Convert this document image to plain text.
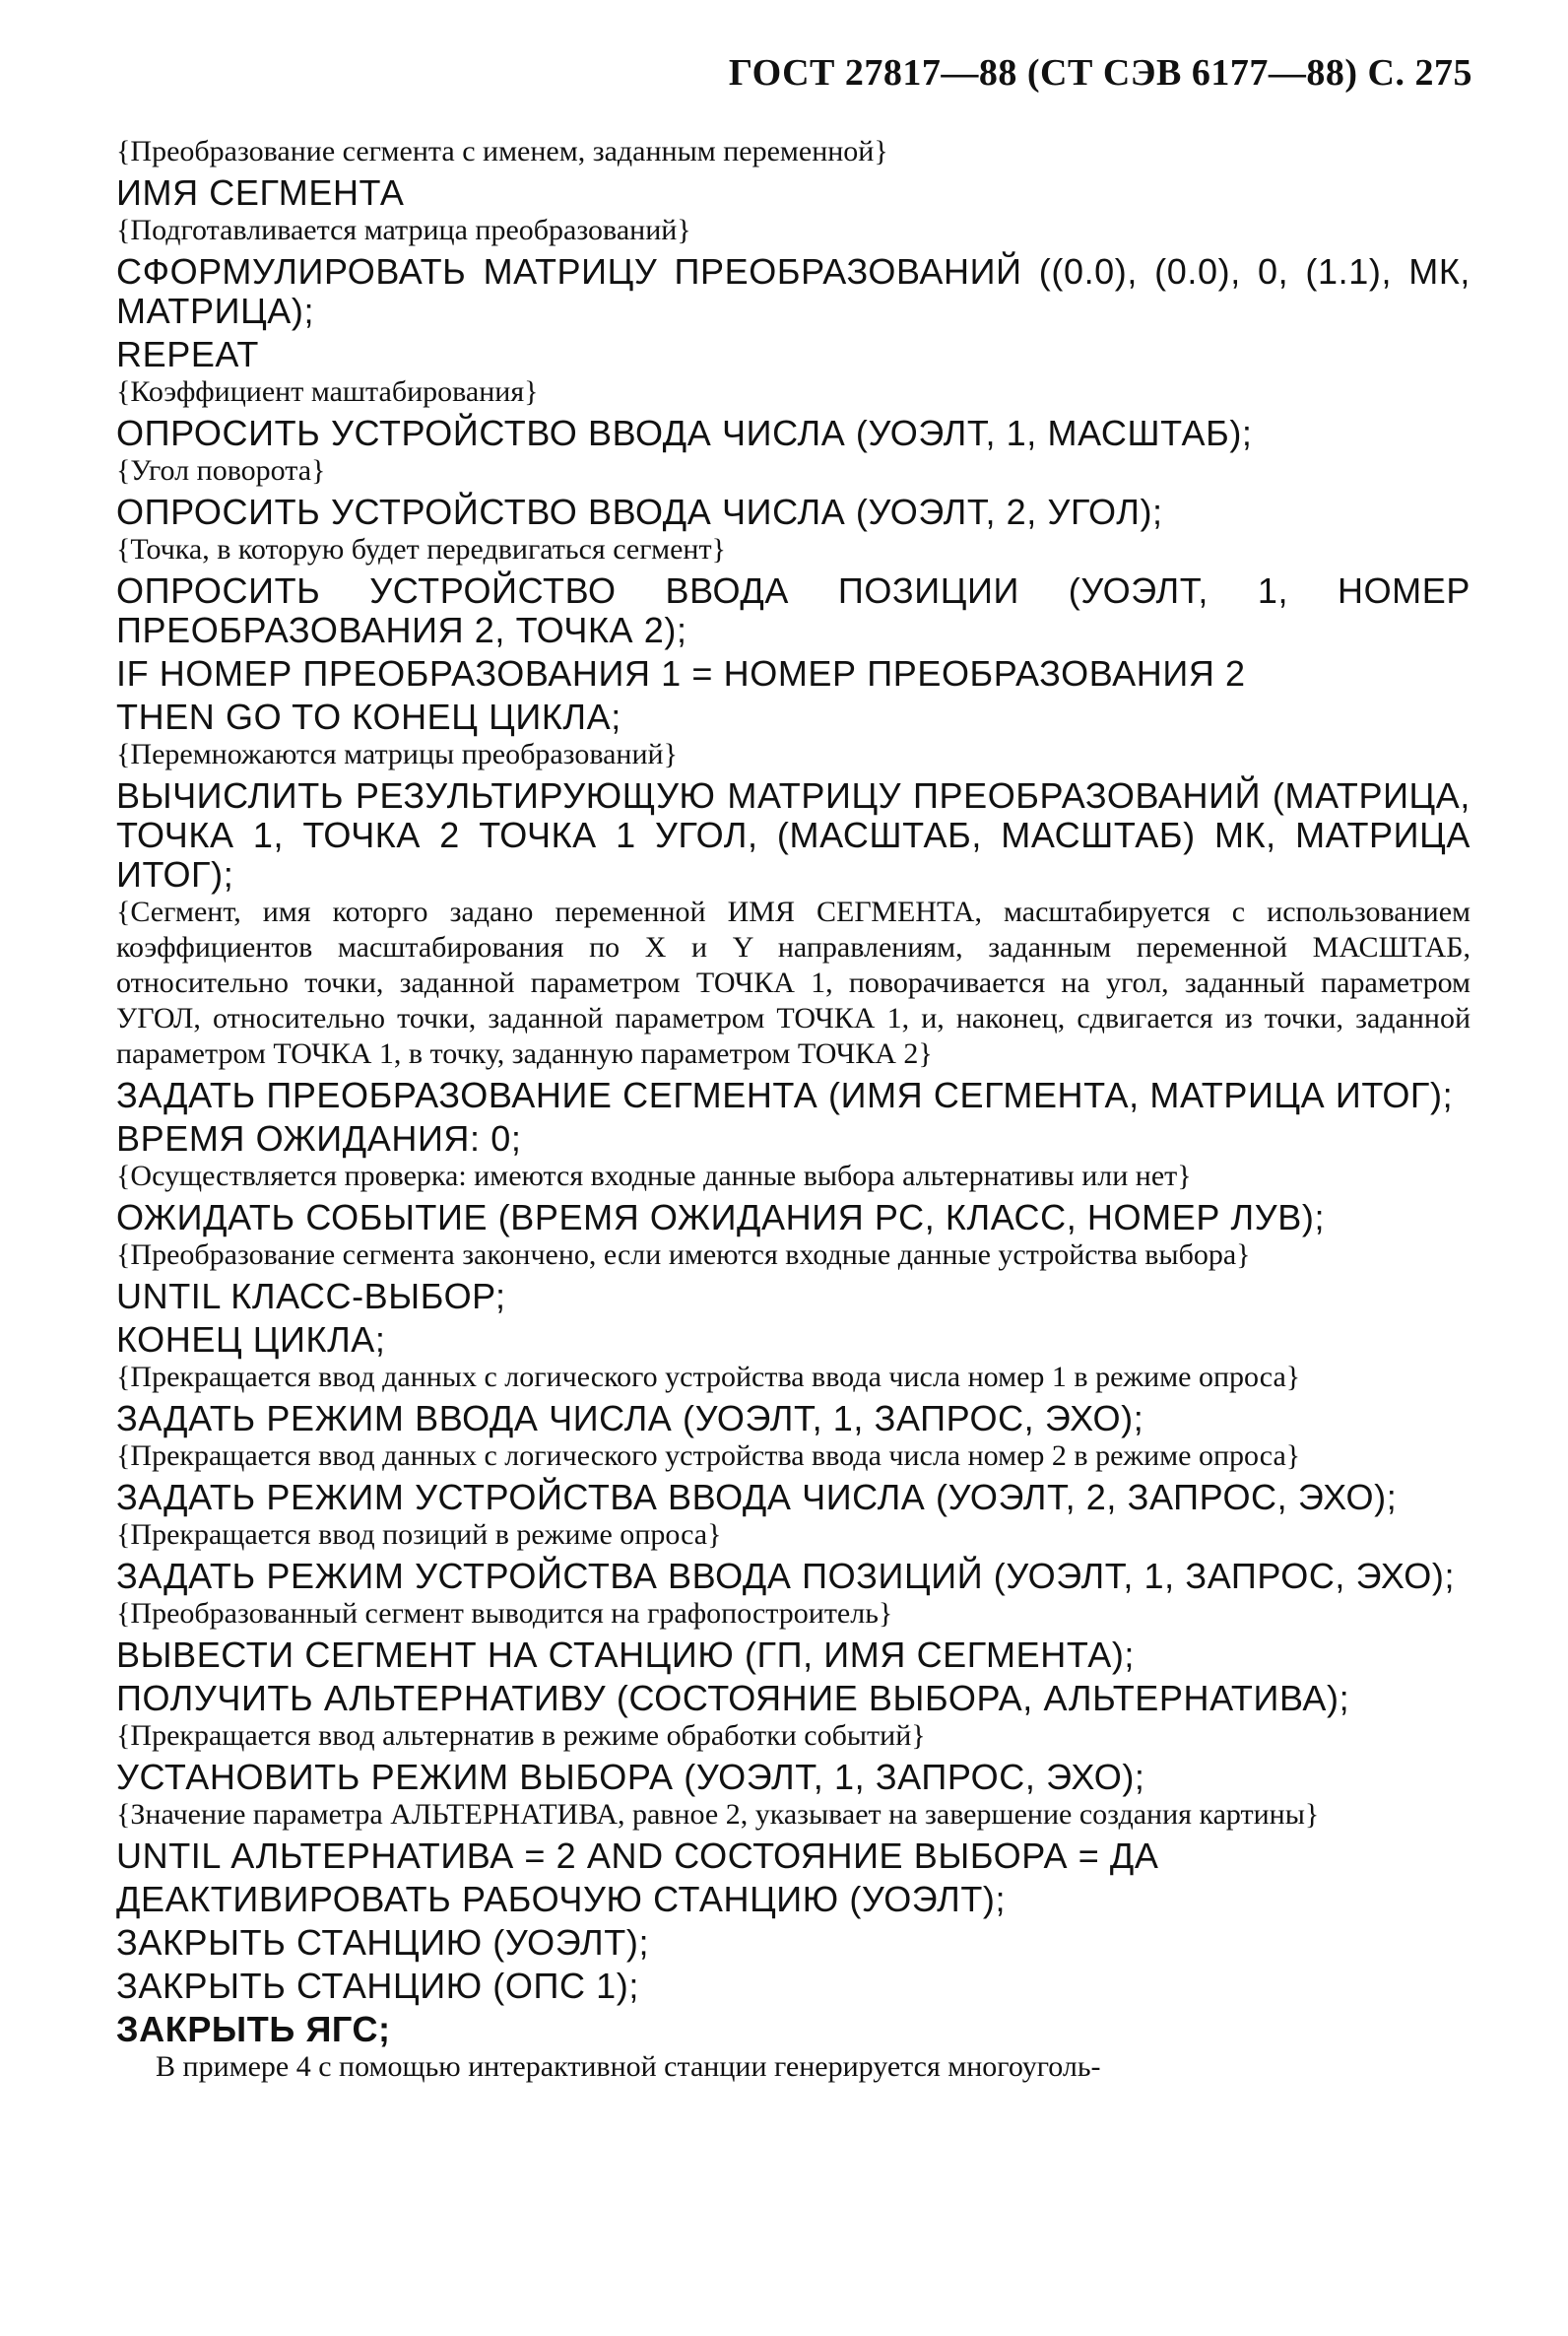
ГОСТ 27817—88 (СТ СЭВ 6177—88) С. 275
{Преобразование сегмента с именем, заданным переменной}
ИМЯ СЕГМЕНТА
{Подготавливается матрица преобразований}
СФОРМУЛИРОВАТЬ МАТРИЦУ ПРЕОБРАЗОВАНИЙ ((0.0), (0.0), 0, (1.1), МК, МАТРИЦА);
REPEAT
{Коэффициент маштабирования}
ОПРОСИТЬ УСТРОЙСТВО ВВОДА ЧИСЛА (УОЭЛТ, 1, МАСШТАБ);
{Угол поворота}
ОПРОСИТЬ УСТРОЙСТВО ВВОДА ЧИСЛА (УОЭЛТ, 2, УГОЛ);
{Точка, в которую будет передвигаться сегмент}
ОПРОСИТЬ УСТРОЙСТВО ВВОДА ПОЗИЦИИ (УОЭЛТ, 1, НОМЕР ПРЕОБРАЗОВАНИЯ 2, ТОЧКА 2);
IF НОМЕР ПРЕОБРАЗОВАНИЯ 1 = НОМЕР ПРЕОБРАЗОВАНИЯ 2
THEN GO TO КОНЕЦ ЦИКЛА;
{Перемножаются матрицы преобразований}
ВЫЧИСЛИТЬ РЕЗУЛЬТИРУЮЩУЮ МАТРИЦУ ПРЕОБРАЗОВАНИЙ (МАТРИЦА, ТОЧКА 1, ТОЧКА 2 ТОЧКА 1 УГОЛ, (МАСШТАБ, МАСШТАБ) МК, МАТРИЦА ИТОГ);
{Сегмент, имя которго задано переменной ИМЯ СЕГМЕНТА, масштабируется с использованием коэффициентов масштабирования по X и Y направлениям, заданным переменной МАСШТАБ, относительно точки, заданной параметром ТОЧКА 1, поворачивается на угол, заданный параметром УГОЛ, относительно точки, заданной параметром ТОЧКА 1, и, наконец, сдвигается из точки, заданной параметром ТОЧКА 1, в точку, заданную параметром ТОЧКА 2}
ЗАДАТЬ ПРЕОБРАЗОВАНИЕ СЕГМЕНТА (ИМЯ СЕГМЕНТА, МАТРИЦА ИТОГ);
ВРЕМЯ ОЖИДАНИЯ: 0;
{Осуществляется проверка: имеются входные данные выбора альтернативы или нет}
ОЖИДАТЬ СОБЫТИЕ (ВРЕМЯ ОЖИДАНИЯ РС, КЛАСС, НОМЕР ЛУВ);
{Преобразование сегмента закончено, если имеются входные данные устройства выбора}
UNTIL КЛАСС-ВЫБОР;
КОНЕЦ ЦИКЛА;
{Прекращается ввод данных с логического устройства ввода числа номер 1 в режиме опроса}
ЗАДАТЬ РЕЖИМ ВВОДА ЧИСЛА (УОЭЛТ, 1, ЗАПРОС, ЭХО);
{Прекращается ввод данных с логического устройства ввода числа номер 2 в режиме опроса}
ЗАДАТЬ РЕЖИМ УСТРОЙСТВА ВВОДА ЧИСЛА (УОЭЛТ, 2, ЗАПРОС, ЭХО);
{Прекращается ввод позиций в режиме опроса}
ЗАДАТЬ РЕЖИМ УСТРОЙСТВА ВВОДА ПОЗИЦИЙ (УОЭЛТ, 1, ЗАПРОС, ЭХО);
{Преобразованный сегмент выводится на графопостроитель}
ВЫВЕСТИ СЕГМЕНТ НА СТАНЦИЮ (ГП, ИМЯ СЕГМЕНТА);
ПОЛУЧИТЬ АЛЬТЕРНАТИВУ (СОСТОЯНИЕ ВЫБОРА, АЛЬТЕРНАТИВА);
{Прекращается ввод альтернатив в режиме обработки событий}
УСТАНОВИТЬ РЕЖИМ ВЫБОРА (УОЭЛТ, 1, ЗАПРОС, ЭХО);
{Значение параметра АЛЬТЕРНАТИВА, равное 2, указывает на завершение создания картины}
UNTIL АЛЬТЕРНАТИВА = 2 AND СОСТОЯНИЕ ВЫБОРА = ДА
ДЕАКТИВИРОВАТЬ РАБОЧУЮ СТАНЦИЮ (УОЭЛТ);
ЗАКРЫТЬ СТАНЦИЮ (УОЭЛТ);
ЗАКРЫТЬ СТАНЦИЮ (ОПС 1);
ЗАКРЫТЬ ЯГС;
В примере 4 с помощью интерактивной станции генерируется многоуголь-
